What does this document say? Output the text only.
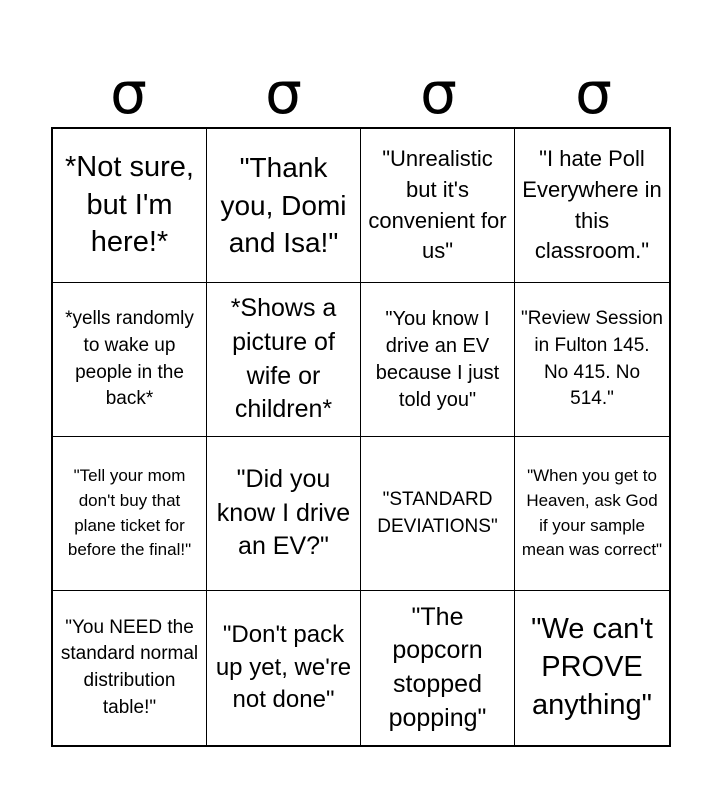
σ	σ	σ	σ
*Not sure, but I'm here!*
"Thank you, Domi and Isa!"
"Unrealistic but it's convenient for us"
"I hate Poll Everywhere in this classroom."
*yells randomly to wake up people in the back*
*Shows a picture of wife or children*
"You know I drive an EV because I just told you"
"Review Session in Fulton 145. No 415. No 514."
"Tell your mom don't buy that plane ticket for before the final!"
"Did you know I drive an EV?"
"STANDARD DEVIATIONS"
"When you get to Heaven, ask God if your sample mean was correct"
"You NEED the standard normal distribution table!"
"Don't pack up yet, we're not done"
"The popcorn stopped popping"
"We can't PROVE anything"
